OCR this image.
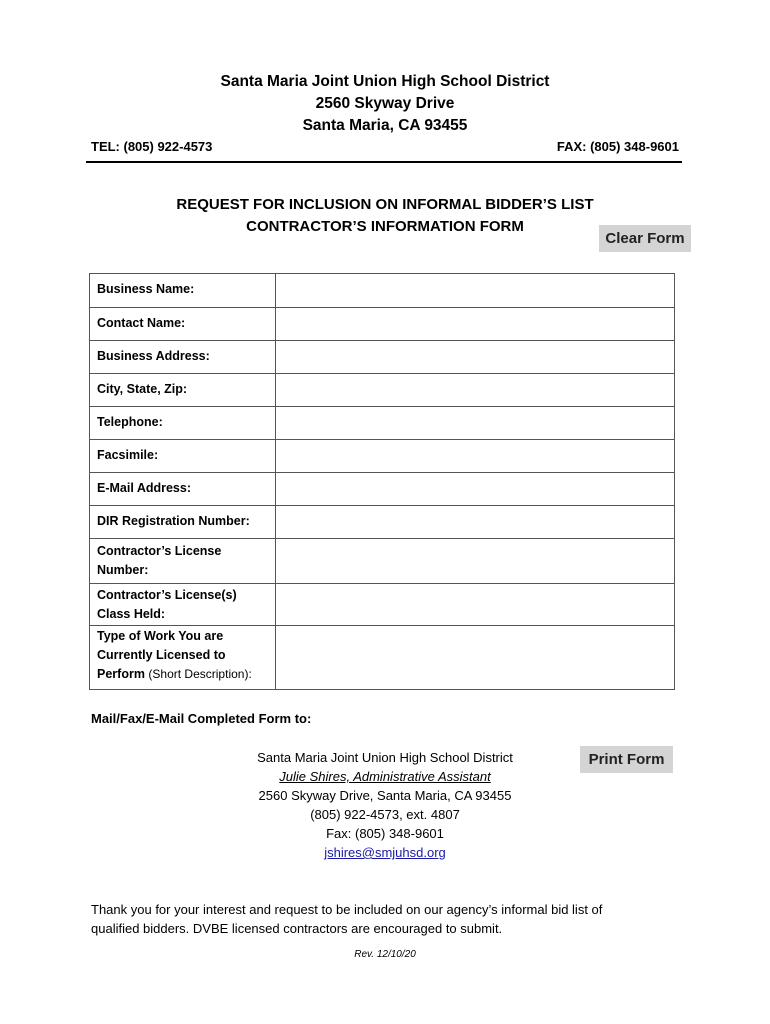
Santa Maria Joint Union High School District
2560 Skyway Drive
Santa Maria, CA 93455
TEL: (805) 922-4573	FAX: (805) 348-9601
REQUEST FOR INCLUSION ON INFORMAL BIDDER’S LIST
CONTRACTOR’S INFORMATION FORM
Clear Form
Business Name:

Contact Name:

Business Address:

City, State, Zip:

Telephone:

Facsimile:

E-Mail Address:

DIR Registration Number:

Contractor’s License
Number:

Contractor’s License(s)
Class Held:

Type of Work You are
Currently Licensed to
Perform (Short Description):

Mail/Fax/E-Mail Completed Form to:
Santa Maria Joint Union High School District
Julie Shires, Administrative Assistant
2560 Skyway Drive, Santa Maria, CA 93455
(805) 922-4573, ext. 4807
Fax: (805) 348-9601
jshires@smjuhsd.org
Print Form
Thank you for your interest and request to be included on our agency’s informal bid list of
qualified bidders. DVBE licensed contractors are encouraged to submit.
Rev. 12/10/20
